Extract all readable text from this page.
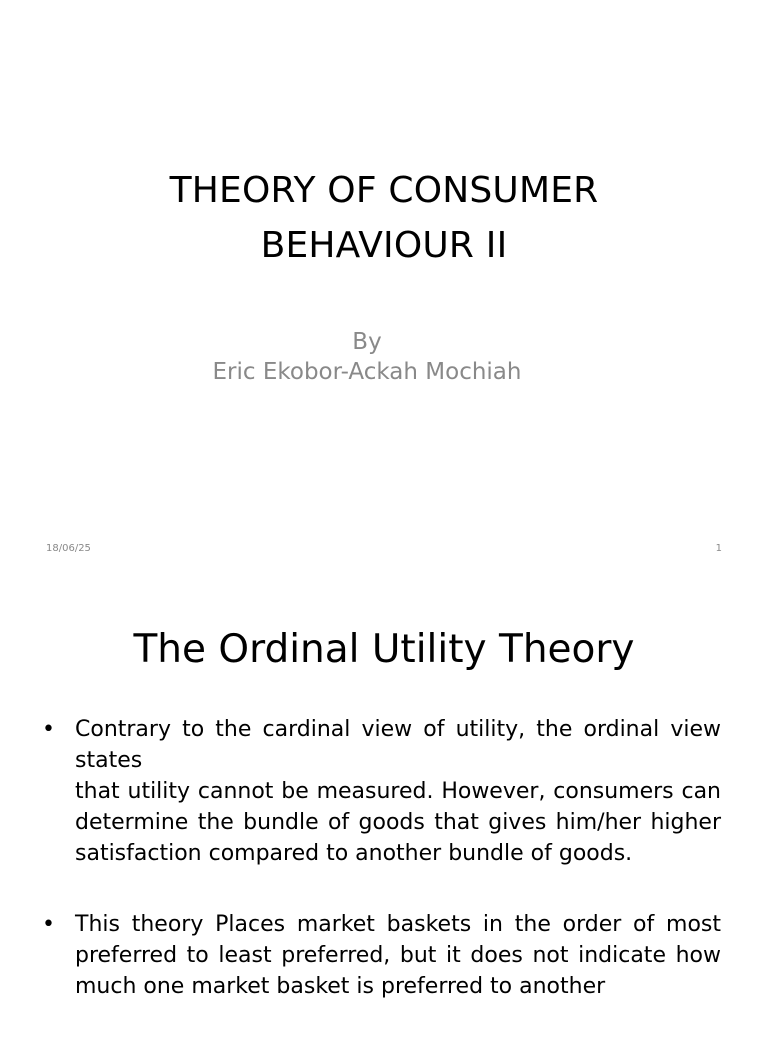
THEORY OF CONSUMER
BEHAVIOUR II
By
Eric Ekobor-Ackah Mochiah
18/06/25	1
The Ordinal Utility Theory
• Contrary to the cardinal view of utility, the ordinal view states
that utility cannot be measured. However, consumers can
determine the bundle of goods that gives him/her higher
satisfaction compared to another bundle of goods.
• This theory Places market baskets in the order of most
preferred to least preferred, but it does not indicate how
much one market basket is preferred to another
